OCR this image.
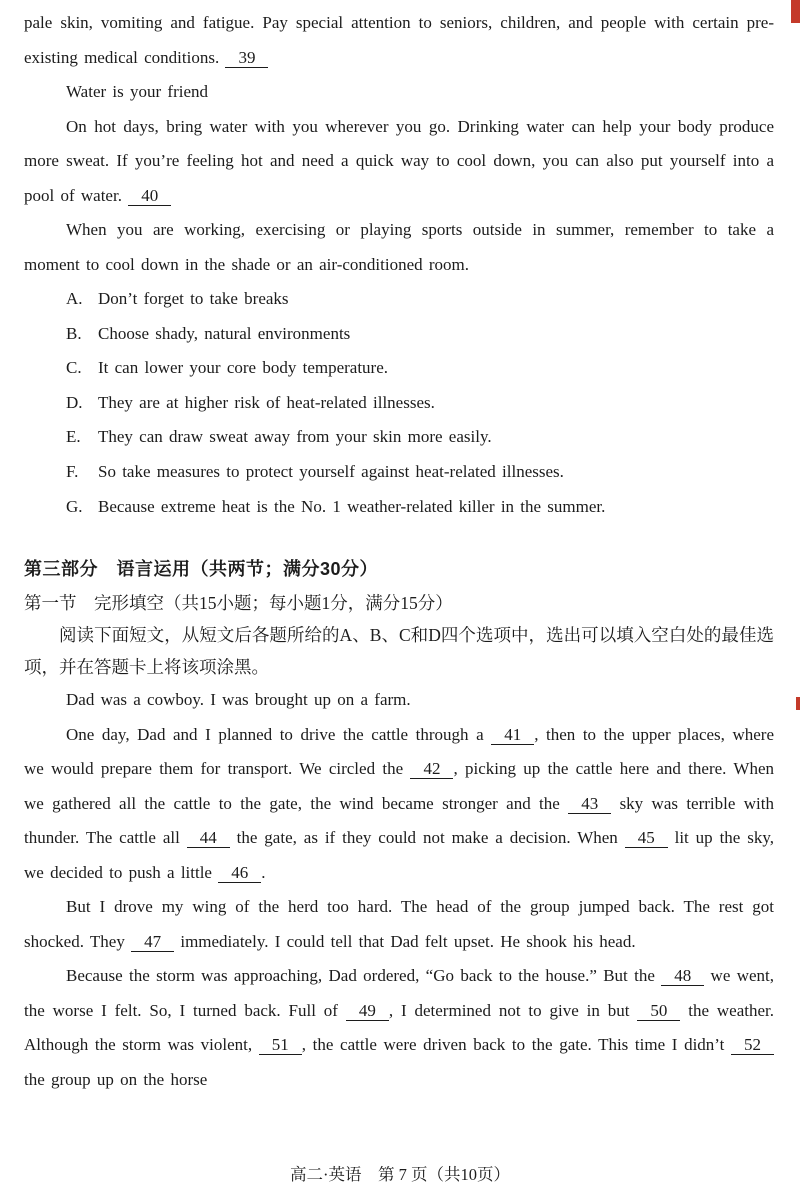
pale skin, vomiting and fatigue. Pay special attention to seniors, children, and people with certain pre-existing medical conditions. 39
Water is your friend
On hot days, bring water with you wherever you go. Drinking water can help your body produce more sweat. If you’re feeling hot and need a quick way to cool down, you can also put yourself into a pool of water. 40
When you are working, exercising or playing sports outside in summer, remember to take a moment to cool down in the shade or an air-conditioned room.
A. Don’t forget to take breaks
B. Choose shady, natural environments
C. It can lower your core body temperature.
D. They are at higher risk of heat-related illnesses.
E. They can draw sweat away from your skin more easily.
F. So take measures to protect yourself against heat-related illnesses.
G. Because extreme heat is the No. 1 weather-related killer in the summer.
第三部分　语言运用（共两节；满分30分）
第一节　完形填空（共15小题；每小题1分，满分15分）
阅读下面短文，从短文后各题所给的A、B、C和D四个选项中，选出可以填入空白处的最佳选项，并在答题卡上将该项涂黑。
Dad was a cowboy. I was brought up on a farm.
One day, Dad and I planned to drive the cattle through a 41 , then to the upper places, where we would prepare them for transport. We circled the 42 , picking up the cattle here and there. When we gathered all the cattle to the gate, the wind became stronger and the 43 sky was terrible with thunder. The cattle all 44 the gate, as if they could not make a decision. When 45 lit up the sky, we decided to push a little 46 .
But I drove my wing of the herd too hard. The head of the group jumped back. The rest got shocked. They 47 immediately. I could tell that Dad felt upset. He shook his head.
Because the storm was approaching, Dad ordered, “Go back to the house.” But the 48 we went, the worse I felt. So, I turned back. Full of 49 , I determined not to give in but 50 the weather. Although the storm was violent, 51 , the cattle were driven back to the gate. This time I didn’t 52 the group up on the horse
高二·英语　第 7 页（共10页）
